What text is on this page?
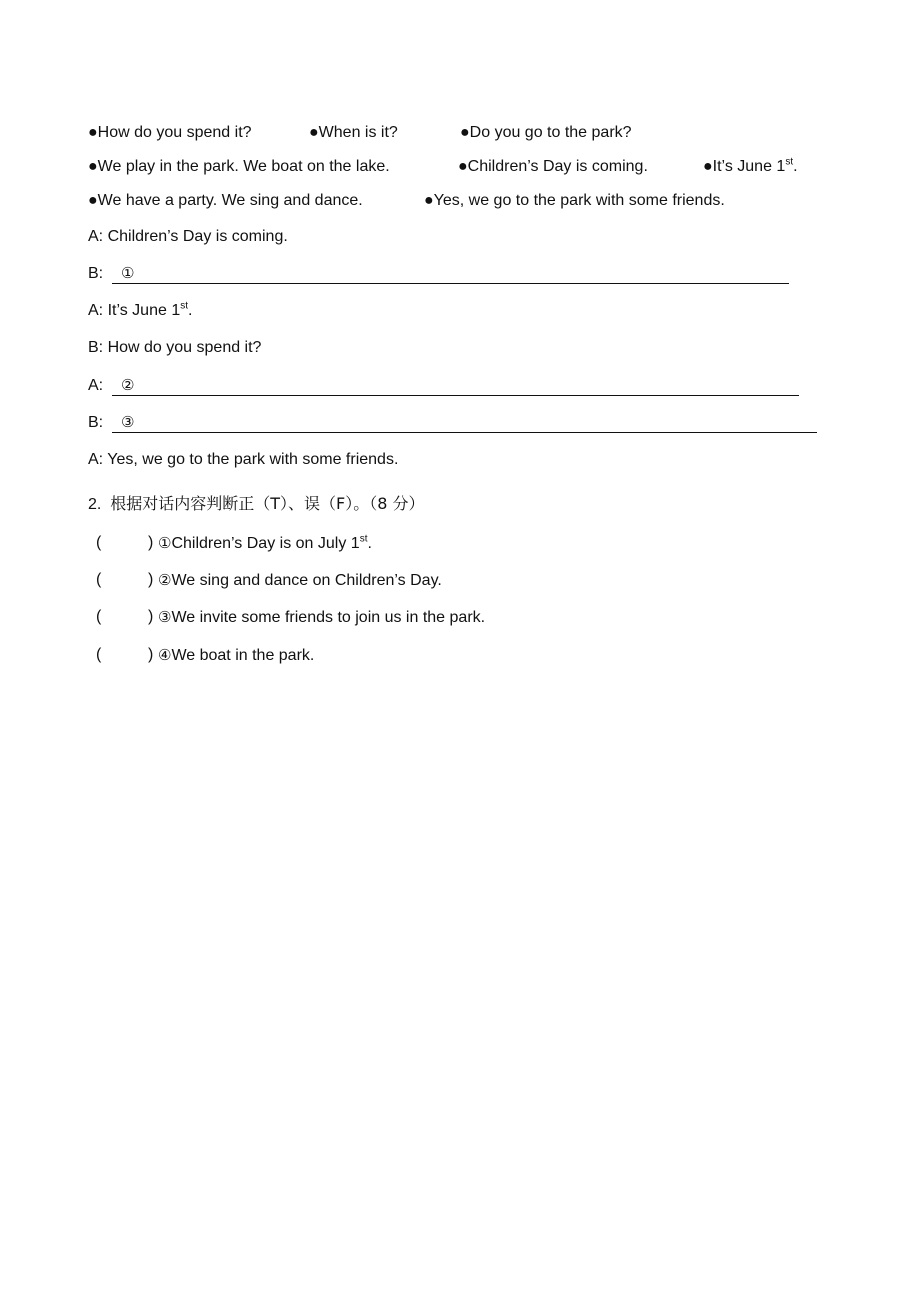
●How do you spend it?	●When is it?	●Do you go to the park?
●We play in the park. We boat on the lake.	●Children’s Day is coming.	●It’s June 1st.
●We have a party. We sing and dance.	●Yes, we go to the park with some friends.
A: Children’s Day is coming.
B: ①
A: It’s June 1st.
B: How do you spend it?
A: ②
B: ③
A: Yes, we go to the park with some friends.
2. 根据对话内容判断正（T）、误（F）。（8 分）
(	) ①Children’s Day is on July 1st.
(	) ②We sing and dance on Children’s Day.
(	) ③We invite some friends to join us in the park.
(	) ④We boat in the park.
